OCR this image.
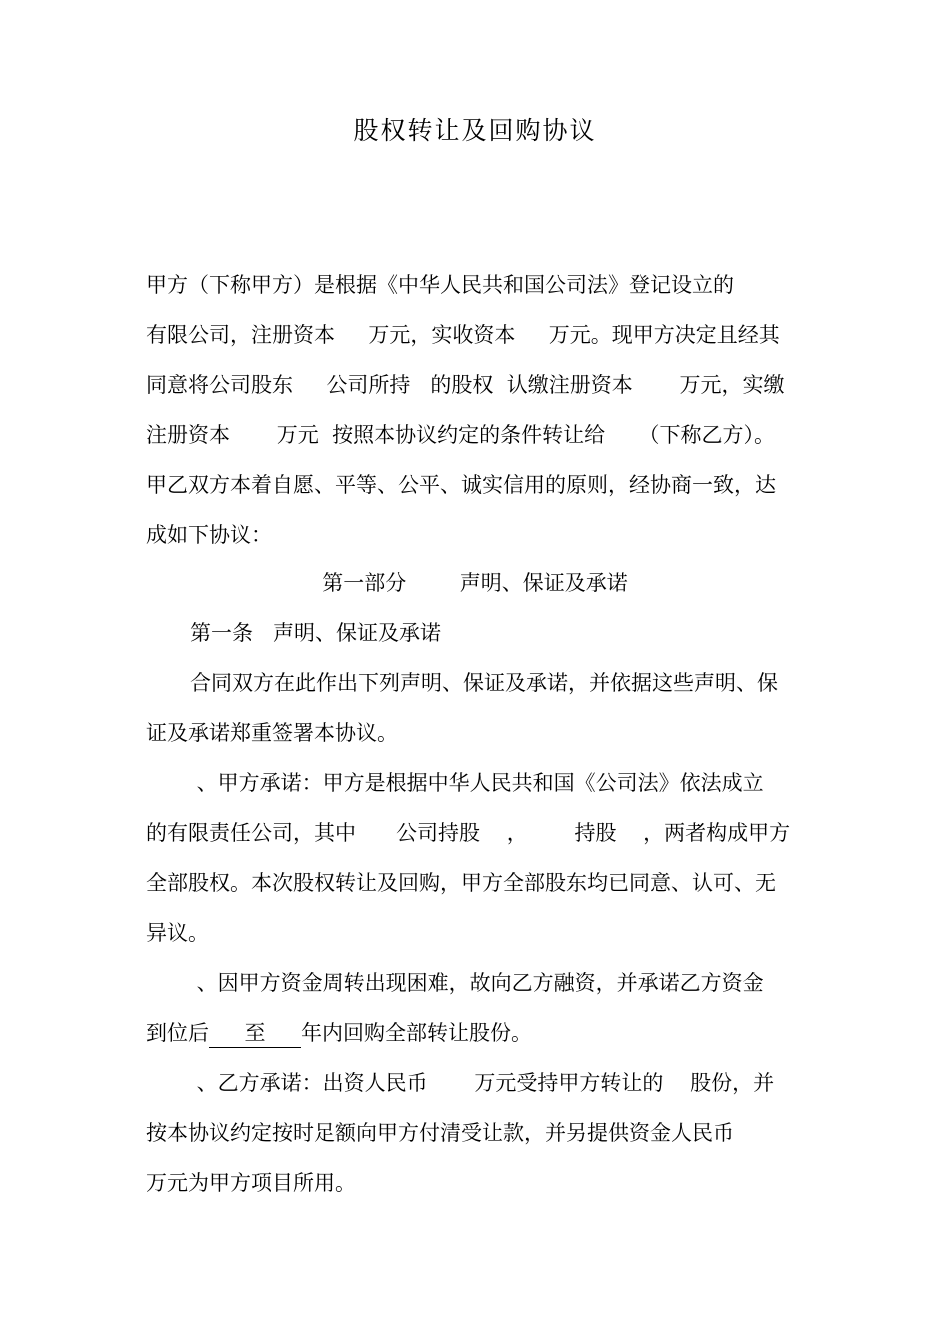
股权转让及回购协议
甲方（下称甲方）是根据《中华人民共和国公司法》登记设立的
有限公司，注册资本     万元，实收资本     万元。现甲方决定且经其
同意将公司股东     公司所持   的股权  认缴注册资本       万元，实缴
注册资本       万元  按照本协议约定的条件转让给     （下称乙方）。
甲乙双方本着自愿、平等、公平、诚实信用的原则，经协商一致，达
成如下协议：
第一部分        声明、保证及承诺
第一条   声明、保证及承诺
合同双方在此作出下列声明、保证及承诺，并依据这些声明、保
证及承诺郑重签署本协议。
、甲方承诺：甲方是根据中华人民共和国《公司法》依法成立
的有限责任公司，其中      公司持股    ，       持股    ，两者构成甲方
全部股权。本次股权转让及回购，甲方全部股东均已同意、认可、无
异议。
、因甲方资金周转出现困难，故向乙方融资，并承诺乙方资金
到位后 至 年内回购全部转让股份。
、乙方承诺：出资人民币       万元受持甲方转让的    股份，并
按本协议约定按时足额向甲方付清受让款，并另提供资金人民币
万元为甲方项目所用。
